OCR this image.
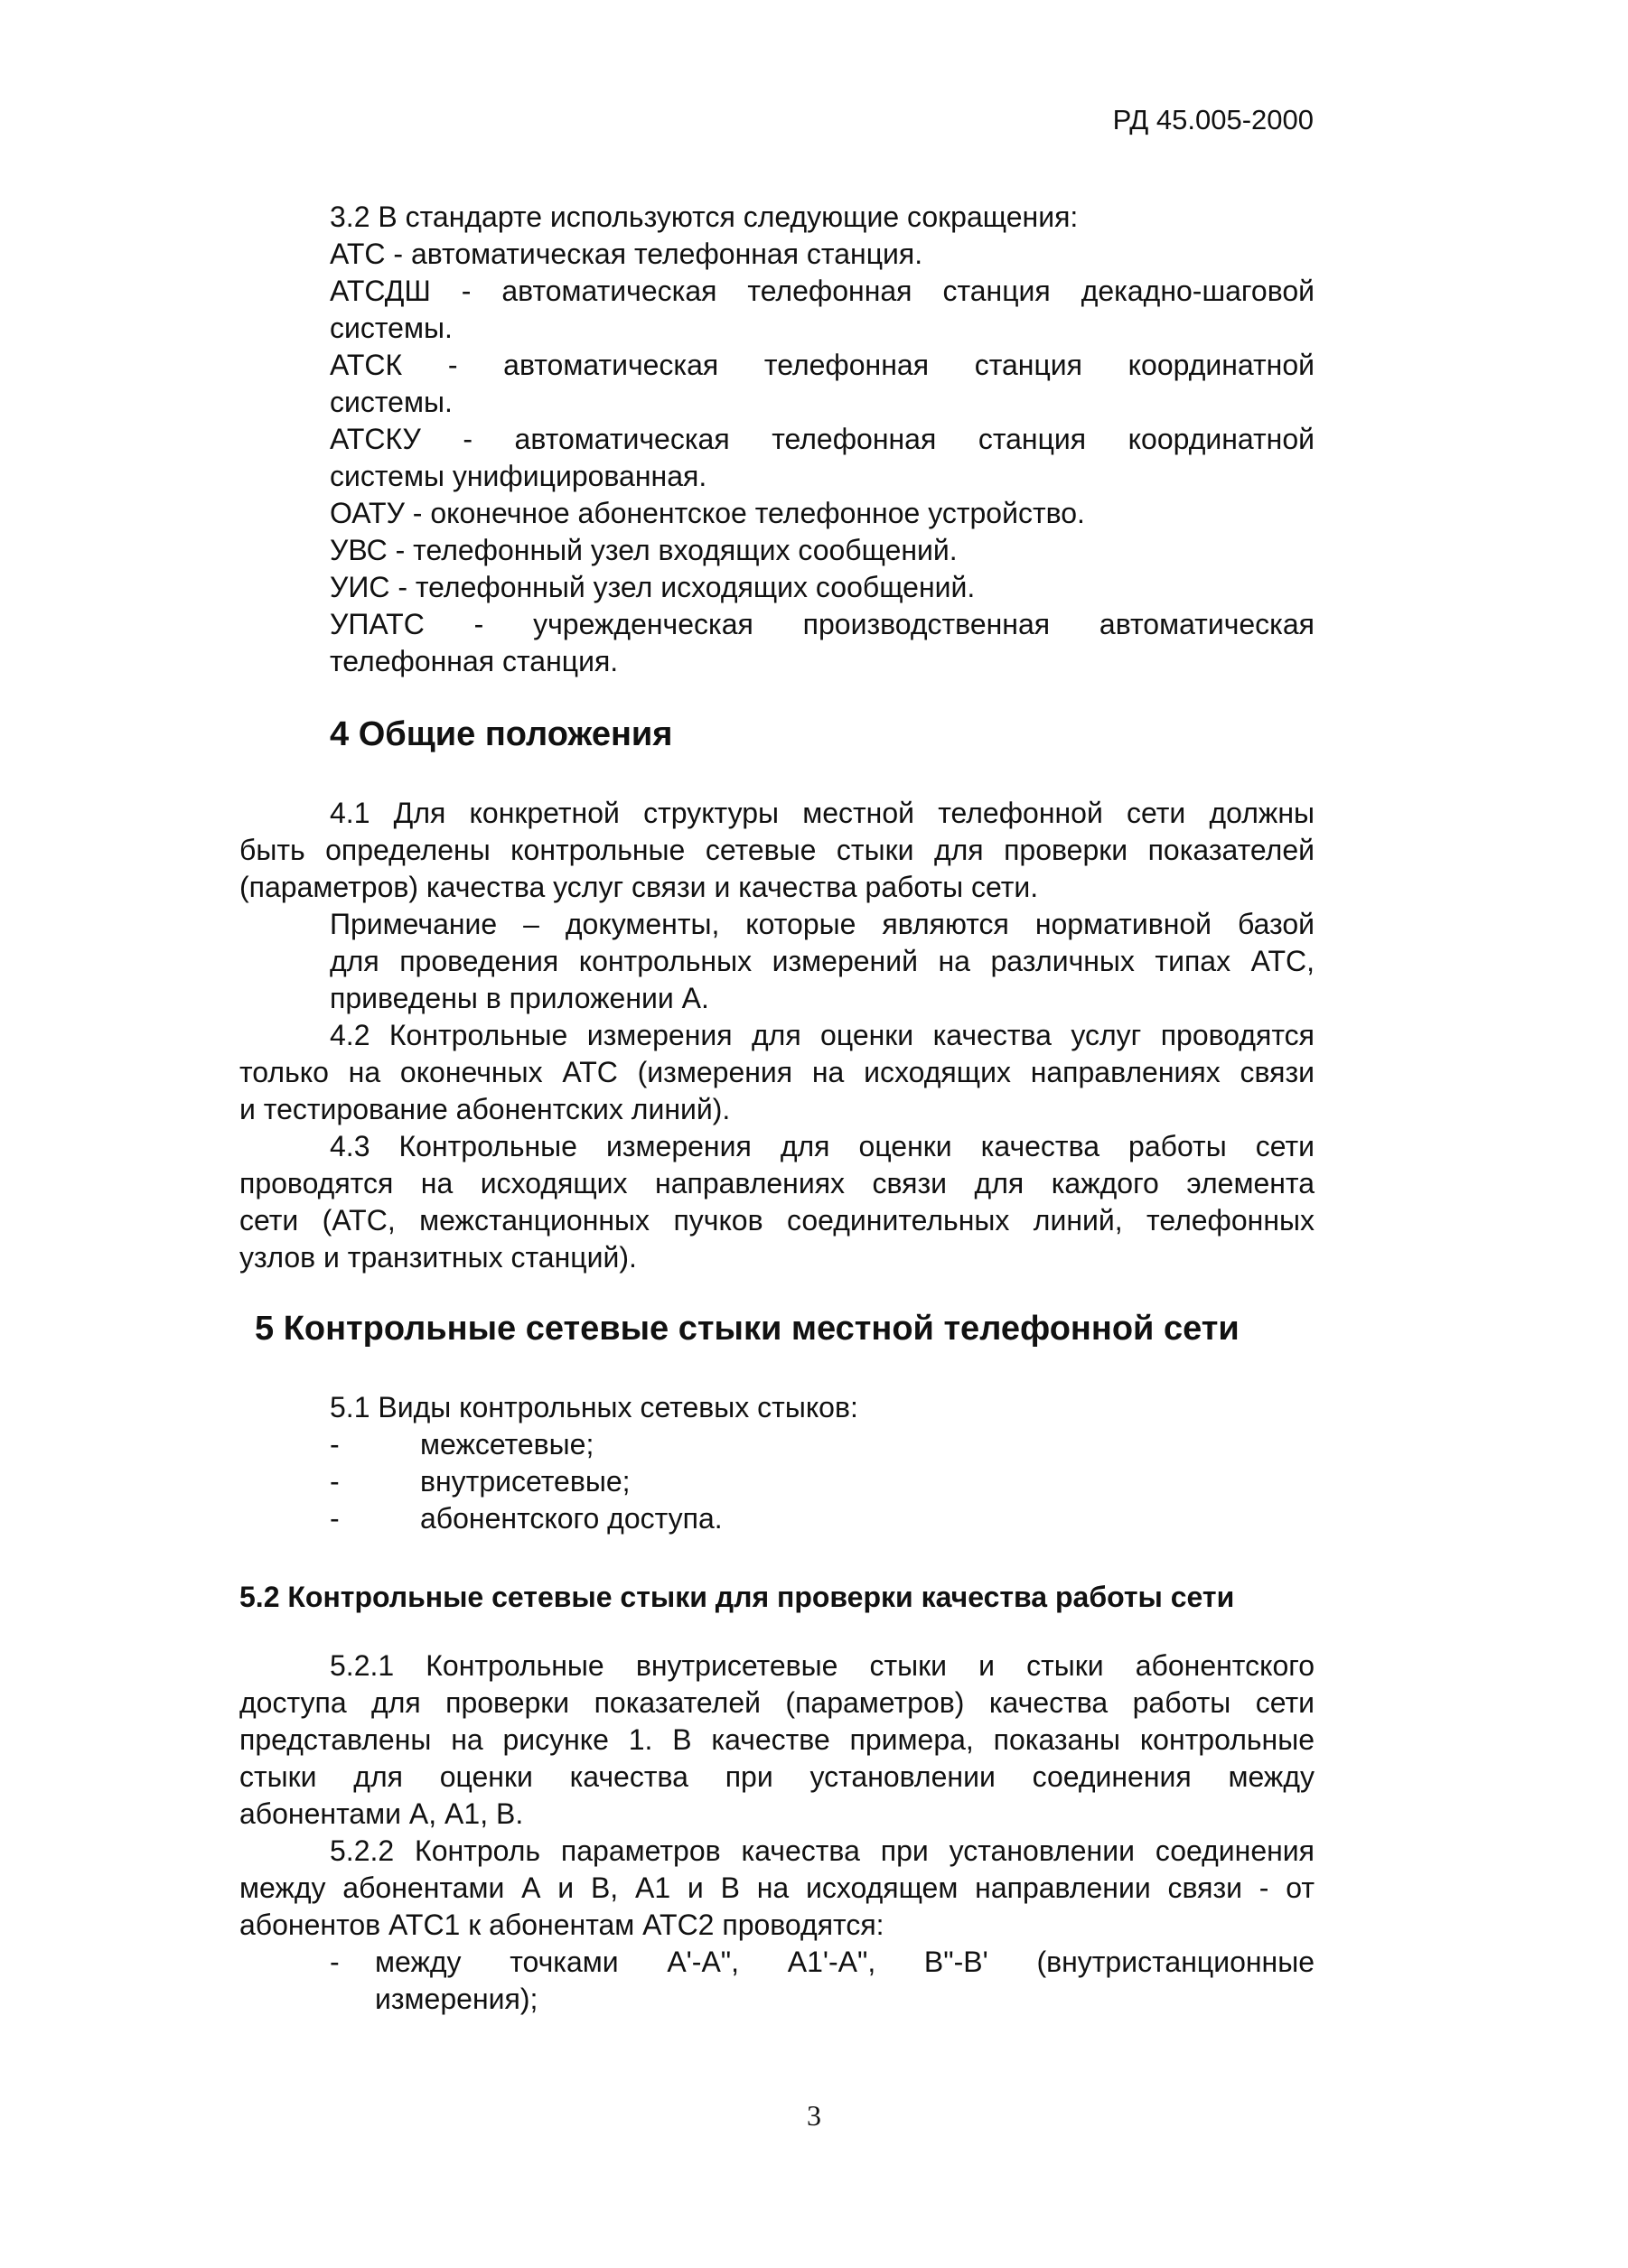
РД 45.005-2000
3.2 В стандарте используются следующие сокращения:
АТС - автоматическая телефонная станция.
АТСДШ - автоматическая телефонная станция декадно-шаговой
системы.
АТСК - автоматическая телефонная станция координатной
системы.
АТСКУ - автоматическая телефонная станция координатной
системы унифицированная.
ОАТУ - оконечное абонентское телефонное устройство.
УВС - телефонный узел входящих сообщений.
УИС - телефонный узел исходящих сообщений.
УПАТС - учрежденческая производственная автоматическая
телефонная станция.
4 Общие положения
4.1 Для конкретной структуры местной телефонной сети должны
быть определены контрольные сетевые стыки для проверки показателей
(параметров) качества услуг связи и качества работы сети.
Примечание – документы, которые являются нормативной базой
для проведения контрольных измерений на различных типах АТС,
приведены в приложении А.
4.2 Контрольные измерения для оценки качества услуг проводятся
только на оконечных АТС (измерения на исходящих направлениях связи
и тестирование абонентских линий).
4.3 Контрольные измерения для оценки качества работы сети
проводятся на исходящих направлениях связи для каждого элемента
сети (АТС, межстанционных пучков соединительных линий, телефонных
узлов и транзитных станций).
5 Контрольные сетевые стыки местной телефонной сети
5.1 Виды контрольных сетевых стыков:
-	межсетевые;
-	внутрисетевые;
-	абонентского доступа.
5.2 Контрольные сетевые стыки для проверки качества работы сети
5.2.1 Контрольные внутрисетевые стыки и стыки абонентского
доступа для проверки показателей (параметров) качества работы сети
представлены на рисунке 1. В качестве примера, показаны контрольные
стыки для оценки качества при установлении соединения между
абонентами А, А1, В.
5.2.2 Контроль параметров качества при установлении соединения
между абонентами А и В, А1 и В на исходящем направлении связи - от
абонентов АТС1 к абонентам АТС2 проводятся:
-	между точками А'-А", А1'-А", В"-В' (внутристанционные
измерения);
3
